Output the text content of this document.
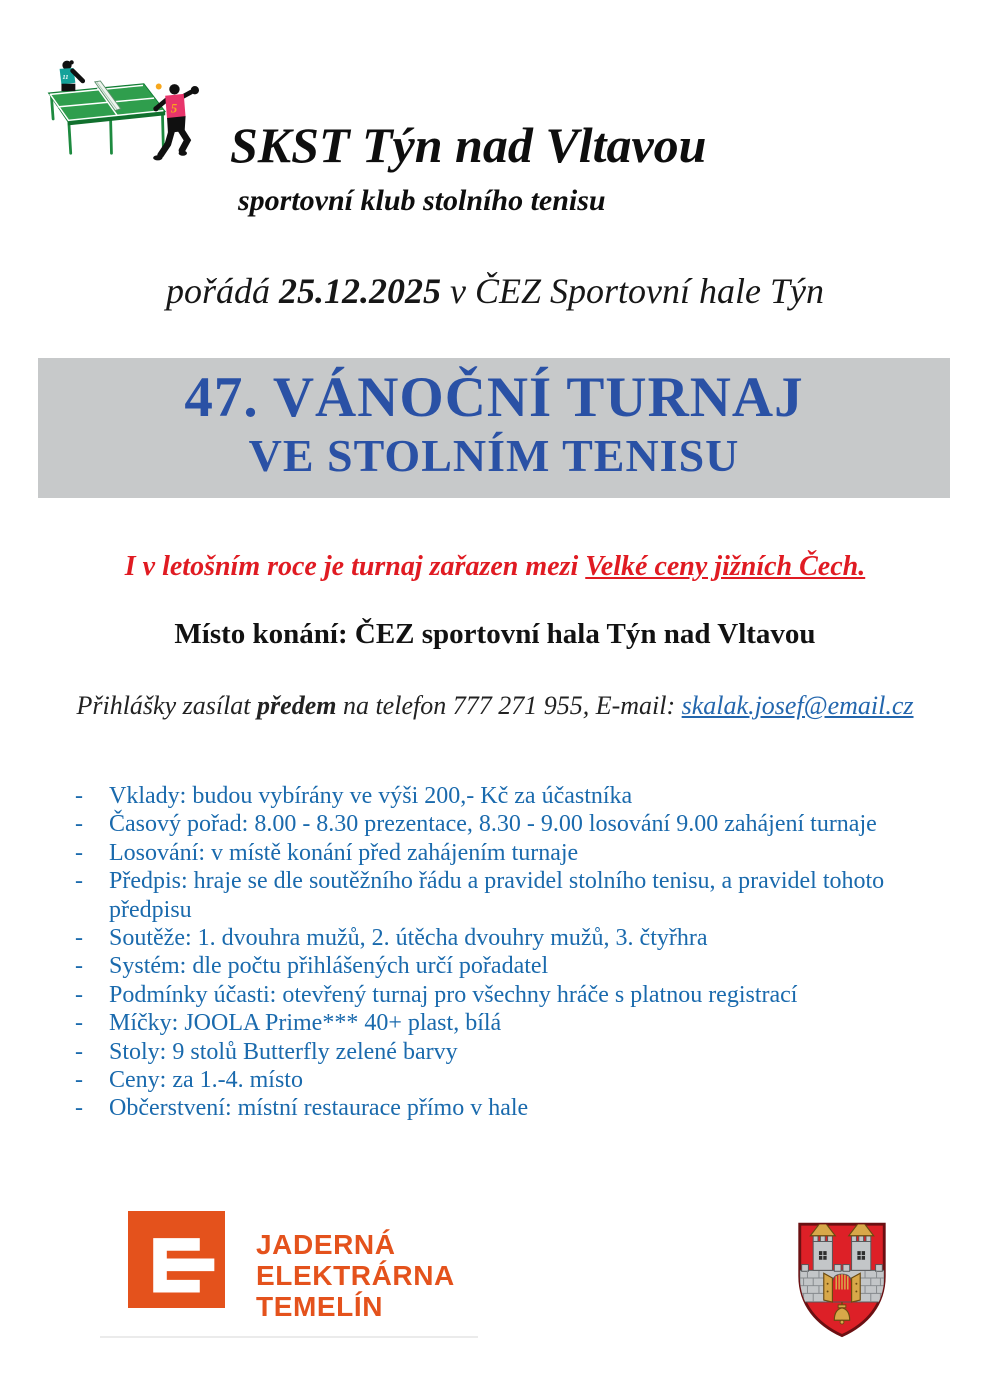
11
5
SKST Týn nad Vltavou
sportovní klub stolního tenisu
pořádá 25.12.2025 v ČEZ Sportovní hale Týn
47. VÁNOČNÍ TURNAJ
VE STOLNÍM TENISU
I v letošním roce je turnaj zařazen mezi Velké ceny jižních Čech.
Místo konání: ČEZ sportovní hala Týn nad Vltavou
Přihlášky zasílat předem na telefon 777 271 955, E-mail: skalak.josef@email.cz
-	Vklady: budou vybírány ve výši 200,- Kč za účastníka
-	Časový pořad: 8.00 - 8.30 prezentace, 8.30 - 9.00 losování 9.00 zahájení turnaje
-	Losování: v místě konání před zahájením turnaje
-	Předpis: hraje se dle soutěžního řádu a pravidel stolního tenisu, a pravidel tohoto předpisu
-	Soutěže: 1. dvouhra mužů, 2. útěcha dvouhry mužů, 3. čtyřhra
-	Systém: dle počtu přihlášených určí pořadatel
-	Podmínky účasti: otevřený turnaj pro všechny hráče s platnou registrací
-	Míčky: JOOLA Prime*** 40+ plast, bílá
-	Stoly: 9 stolů Butterfly zelené barvy
-	Ceny: za 1.-4. místo
-	Občerstvení: místní restaurace přímo v hale
JADERNÁ
ELEKTRÁRNA
TEMELÍN
